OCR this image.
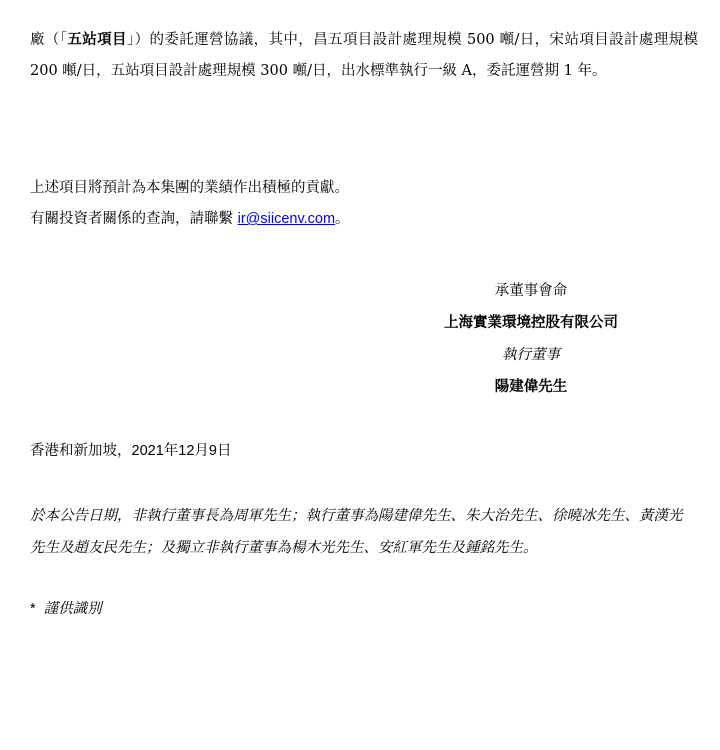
廠（「五站項目」）的委託運營協議，其中，昌五項目設計處理規模 500 噸/日，宋站項目設計處理規模 200 噸/日，五站項目設計處理規模 300 噸/日，出水標準執行一級 A，委託運營期 1 年。
上述項目將預計為本集團的業績作出積極的貢獻。
有關投資者關係的查詢，請聯繫 ir@siicenv.com。
承董事會命
上海實業環境控股有限公司
執行董事
陽建偉先生
香港和新加坡，2021年12月9日
於本公告日期，非執行董事長為周軍先生；執行董事為陽建偉先生、朱大治先生、徐曉冰先生、黃漢光先生及趙友民先生；及獨立非執行董事為楊木光先生、安紅軍先生及鍾銘先生。
* 謹供識別
